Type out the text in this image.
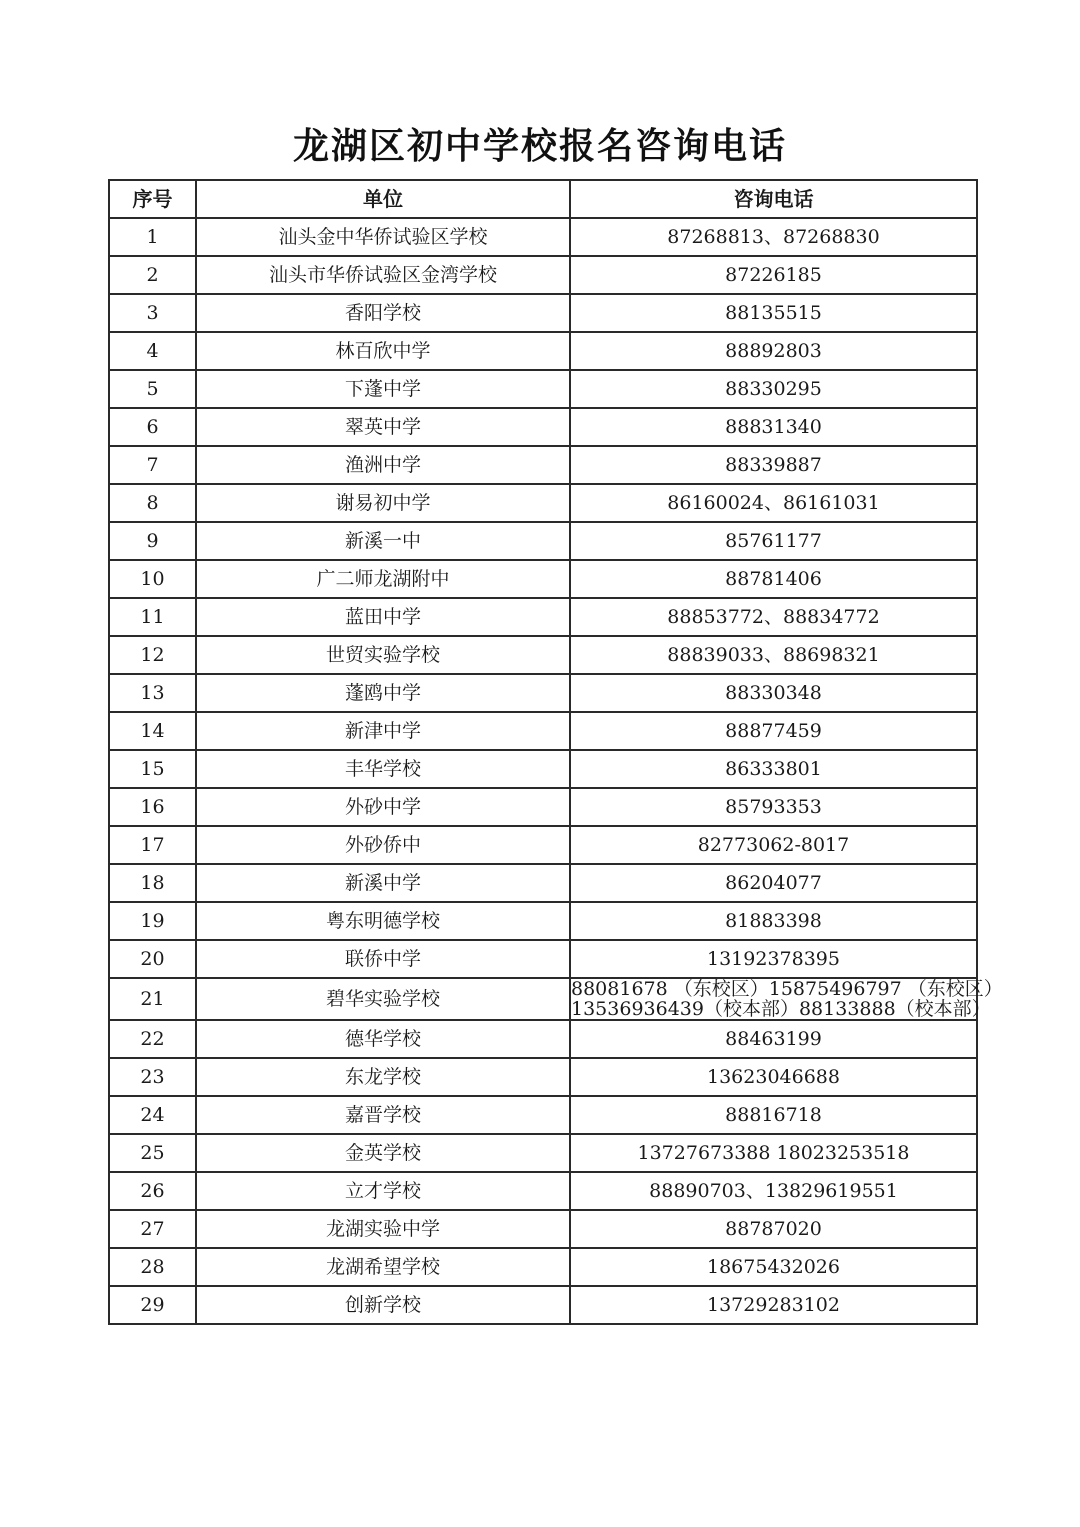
龙湖区初中学校报名咨询电话
序号	单位	咨询电话
1	汕头金中华侨试验区学校	87268813、87268830
2	汕头市华侨试验区金湾学校	87226185
3	香阳学校	88135515
4	林百欣中学	88892803
5	下蓬中学	88330295
6	翠英中学	88831340
7	渔洲中学	88339887
8	谢易初中学	86160024、86161031
9	新溪一中	85761177
10	广二师龙湖附中	88781406
11	蓝田中学	88853772、88834772
12	世贸实验学校	88839033、88698321
13	蓬鸥中学	88330348
14	新津中学	88877459
15	丰华学校	86333801
16	外砂中学	85793353
17	外砂侨中	82773062-8017
18	新溪中学	86204077
19	粤东明德学校	81883398
20	联侨中学	13192378395
21	碧华实验学校	88081678 （东校区）15875496797 （东校区）
13536936439（校本部）88133888（校本部）

22	德华学校	88463199
23	东龙学校	13623046688
24	嘉晋学校	88816718
25	金英学校	13727673388 18023253518
26	立才学校	88890703、13829619551
27	龙湖实验中学	88787020
28	龙湖希望学校	18675432026
29	创新学校	13729283102
